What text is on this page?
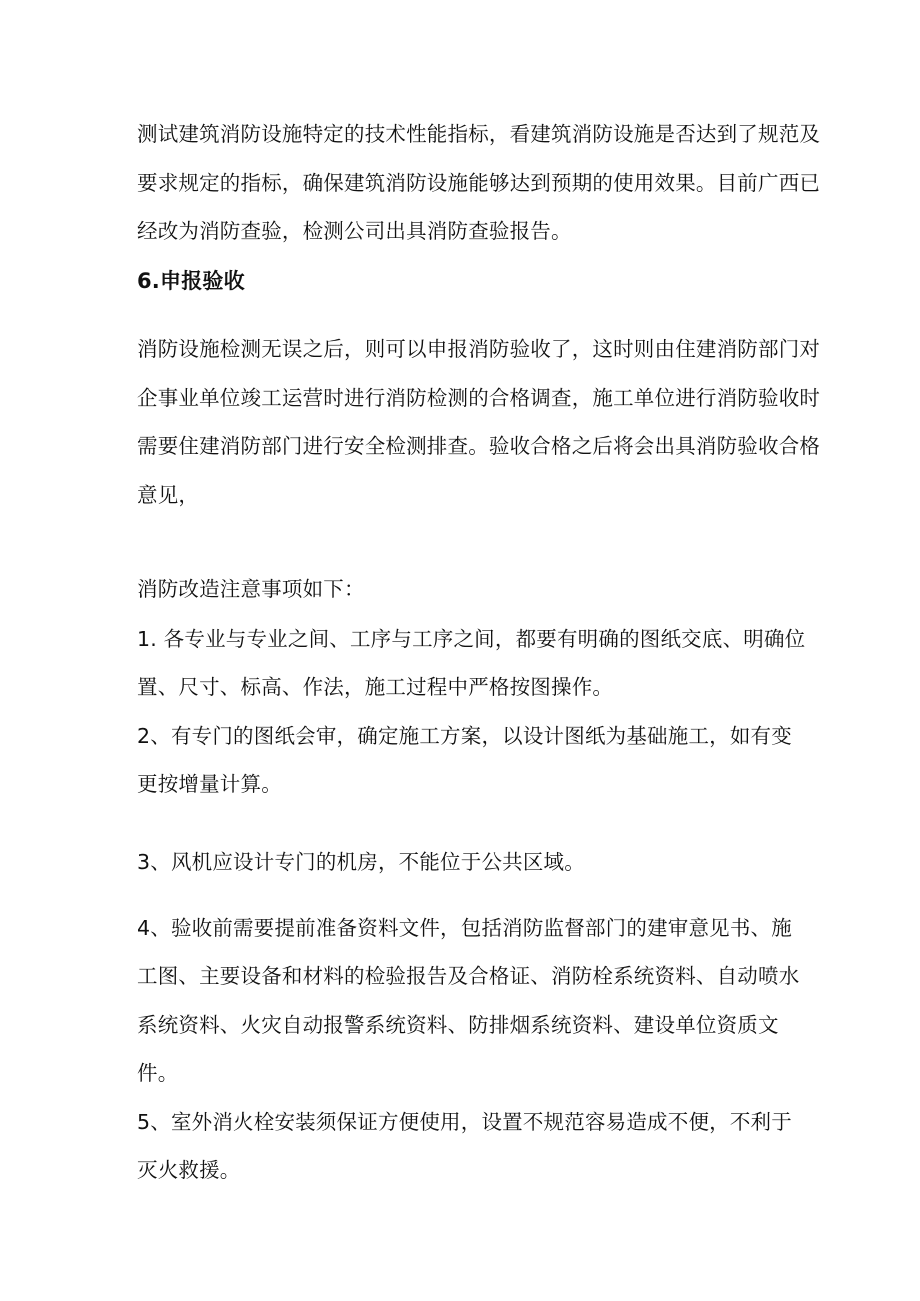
测试建筑消防设施特定的技术性能指标，看建筑消防设施是否达到了规范及
要求规定的指标，确保建筑消防设施能够达到预期的使用效果。目前广西已
经改为消防查验，检测公司出具消防查验报告。
6.申报验收
消防设施检测无误之后，则可以申报消防验收了，这时则由住建消防部门对
企事业单位竣工运营时进行消防检测的合格调查，施工单位进行消防验收时
需要住建消防部门进行安全检测排查。验收合格之后将会出具消防验收合格
意见，
消防改造注意事项如下：
1. 各专业与专业之间、工序与工序之间，都要有明确的图纸交底、明确位
置、尺寸、标高、作法，施工过程中严格按图操作。
2、有专门的图纸会审，确定施工方案，以设计图纸为基础施工，如有变
更按增量计算。
3、风机应设计专门的机房，不能位于公共区域。
4、验收前需要提前准备资料文件，包括消防监督部门的建审意见书、施
工图、主要设备和材料的检验报告及合格证、消防栓系统资料、自动喷水
系统资料、火灾自动报警系统资料、防排烟系统资料、建设单位资质文
件。
5、室外消火栓安装须保证方便使用，设置不规范容易造成不便，不利于
灭火救援。
